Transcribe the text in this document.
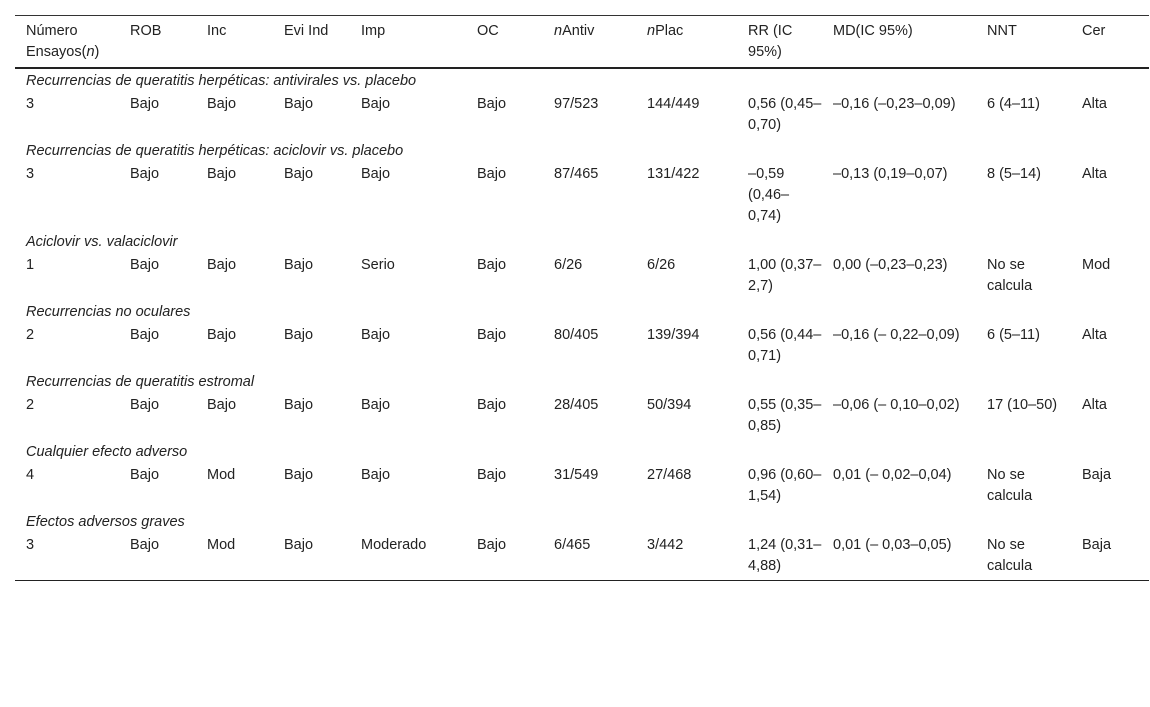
Número Ensayos(n)	ROB	Inc	Evi Ind	Imp	OC	nAntiv	nPlac	RR (IC 95%)	MD(IC 95%)	NNT	Cer
Recurrencias de queratitis herpéticas: antivirales vs. placebo											
3	Bajo	Bajo	Bajo	Bajo	Bajo	97/523	144/449	0,56 (0,45–0,70)	‒0,16 (‒0,23‒0,09)	6 (4–11)	Alta
Recurrencias de queratitis herpéticas: aciclovir vs. placebo											
3	Bajo	Bajo	Bajo	Bajo	Bajo	87/465	131/422	‒0,59 (0,46–0,74)	‒0,13 (0,19–0,07)	8 (5–14)	Alta
Aciclovir vs. valaciclovir											
1	Bajo	Bajo	Bajo	Serio	Bajo	6/26	6/26	1,00 (0,37–2,7)	0,00 (‒0,23–0,23)	No se calcula	Mod
Recurrencias no oculares											
2	Bajo	Bajo	Bajo	Bajo	Bajo	80/405	139/394	0,56 (0,44–0,71)	‒0,16 (‒ 0,22‒0,09)	6 (5–11)	Alta
Recurrencias de queratitis estromal											
2	Bajo	Bajo	Bajo	Bajo	Bajo	28/405	50/394	0,55 (0,35–0,85)	‒0,06 (‒ 0,10‒0,02)	17 (10–50)	Alta
Cualquier efecto adverso											
4	Bajo	Mod	Bajo	Bajo	Bajo	31/549	27/468	0,96 (0,60–1,54)	0,01 (‒ 0,02‒0,04)	No se calcula	Baja
Efectos adversos graves											
3	Bajo	Mod	Bajo	Moderado	Bajo	6/465	3/442	1,24 (0,31–4,88)	0,01 (‒ 0,03‒0,05)	No se calcula	Baja
